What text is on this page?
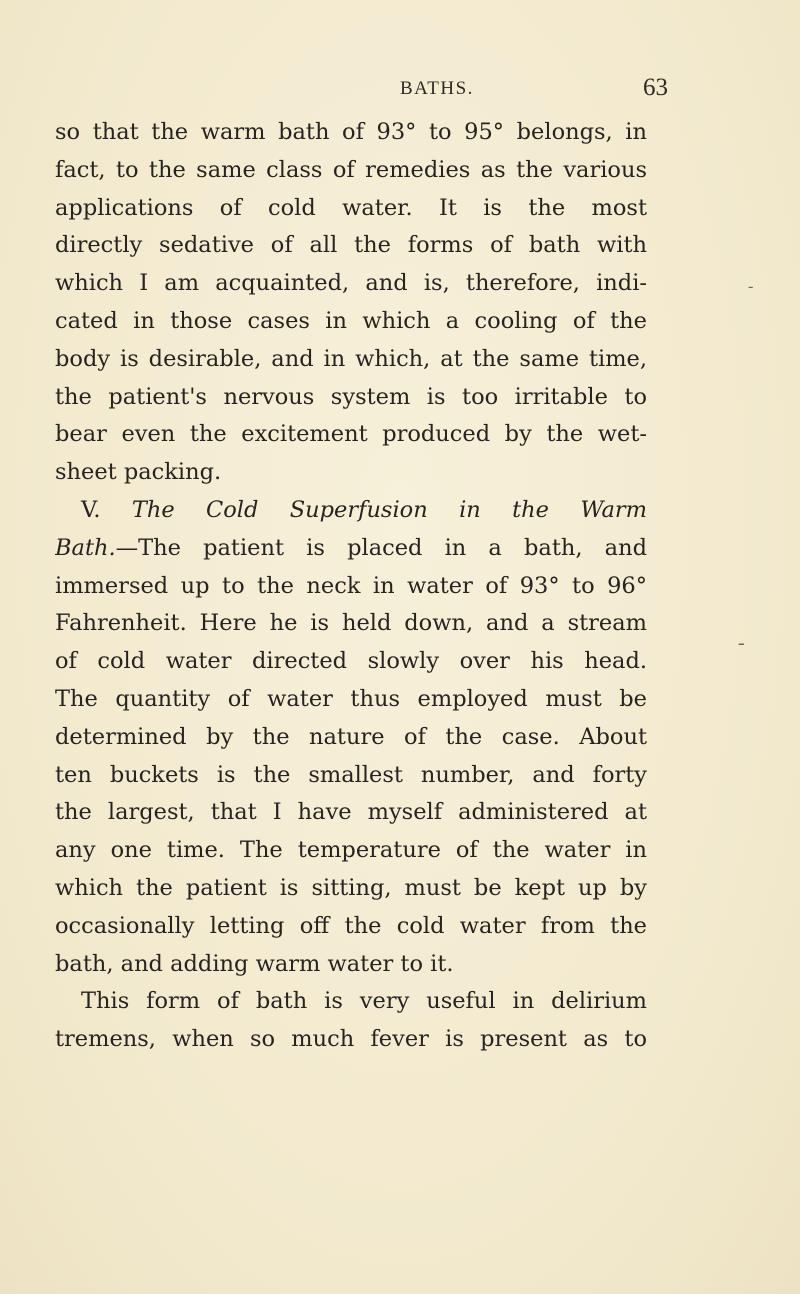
BATHS.	63
so that the warm bath of 93° to 95° belongs, in
fact, to the same class of remedies as the various
applications of cold water. It is the most
directly sedative of all the forms of bath with
which I am acquainted, and is, therefore, indi-
cated in those cases in which a cooling of the
body is desirable, and in which, at the same time,
the patient's nervous system is too irritable to
bear even the excitement produced by the wet-
sheet packing.
V. The Cold Superfusion in the Warm
Bath.—The patient is placed in a bath, and
immersed up to the neck in water of 93° to 96°
Fahrenheit. Here he is held down, and a stream
of cold water directed slowly over his head.
The quantity of water thus employed must be
determined by the nature of the case. About
ten buckets is the smallest number, and forty
the largest, that I have myself administered at
any one time. The temperature of the water in
which the patient is sitting, must be kept up by
occasionally letting off the cold water from the
bath, and adding warm water to it.
This form of bath is very useful in delirium
tremens, when so much fever is present as to
-
-
